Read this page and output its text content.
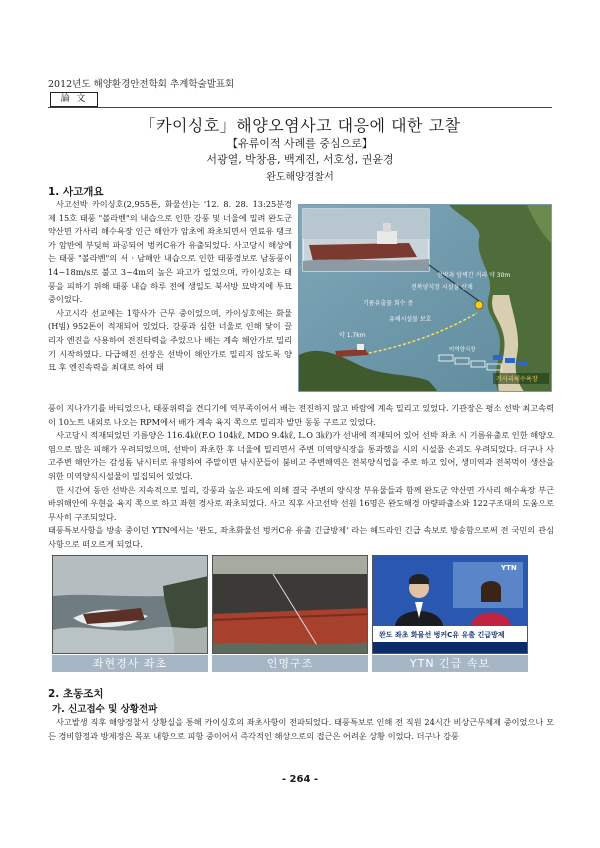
2012년도 해양환경안전학회 추계학술발표회
論 文
「카이싱호」해양오염사고 대응에 대한 고찰
【유류이적 사례를 중심으로】
서광열, 박창용, 백계진, 서호성, 권윤경
완도해양경찰서
1. 사고개요

사고선박 카이싱호(2,955톤, 화물선)는 '12. 8. 28. 13:25분경 제 15호 태풍 "볼라벤"의 내습으로 인한 강풍 및 너울에 밀려 완도군 약산면 가사리 해수욕장 인근 해안가 암초에 좌초되면서 연료유 탱크가 암반에 부딪혀 파공되어 벙커C유가 유출되었다. 사고당시 해상에는 태풍 "볼라벤"의 서 · 남해안 내습으로 인한 태풍경보로 남동풍이 14~18m/s로 불고 3~4m의 높은 파고가 일었으며, 카이싱호는 태풍을 피하기 위해 태풍 내습 하루 전에 생일도 북서방 묘박지에 투묘 중이었다.

사고시각 선교에는 1항사가 근무 중이었으며, 카이싱호에는 화물(H빔) 952톤이 적재되어 있었다. 강풍과 심한 너울로 인해 닻이 끌리자 엔진을 사용하여 전진타력을 주었으나 배는 계속 해안가로 밀리기 시작하였다. 다급해진 선장은 선박이 해안가로 밀리지 않도록 양묘 후 엔진속력을 최대로 하여 태

선박과 암벽간 거리 약 30m
전복양식장 시설물 산재
기름유출물 회수 중
유해시설물 보호
약 1.7km
미역양식장
가사리해수욕장

풍이 지나가기를 바티었으나, 태풍위력을 견디기에 역부족이어서 배는 전진하지 않고 바람에 계속 밀리고 있었다. 기관장은 평소 선박 최고속력이 10노트 내외로 나오는 RPM에서 배가 계속 육지 쪽으로 밀리자 발만 동동 구르고 있었다.

사고당시 적재되었던 기름양은 116.4㎘(F.O 104㎘, MDO 9.4㎘, L.O 3㎘)가 선내에 적재되어 있어 선박 좌초 시 기름유출로 인한 해양오염으로 많은 피해가 우려되었으며, 선박이 좌초한 후 너울에 밀리면서 주변 미역양식장을 통과했을 시의 시설물 손괴도 우려되었다. 더구나 사고주변 해안가는 감성돔 낚시터로 유명하여 주말이면 낚시꾼들이 붐비고 주변해역은 전복양식업을 주로 하고 있어, 생미역과 전복먹이 생산을 위한 미역양식시설물이 밀집되어 있었다.

한 시간여 동안 선박은 지속적으로 밀리, 강풍과 높은 파도에 의해 결국 주변의 양식장 부유물들과 함께 완도군 약산면 가사리 해수욕장 부근 바위해안에 우현을 육지 쪽으로 하고 좌현 경사로 좌초되었다. 사고 직후 사고선박 선원 16명은 완도해경 마량파출소와 122구조대의 도움으로 무사히 구조되었다.

태풍특보사항을 방송 중이던 YTN에서는 '완도, 좌초화물선 벙커C유 유출 긴급방제' 라는 헤드라인 긴급 속보로 방송함으로써 전 국민의 관심사항으로 떠오르게 되었다.

좌현경사 좌초	인명구조
YTN
완도 좌초 화물선 벙커C유 유출 긴급방제
YTN 긴급 속보
2. 초동조치
가. 신고접수 및 상황전파

사고발생 직후 해양경찰서 상황실을 통해 카이싱호의 좌초사항이 전파되었다. 태풍특보로 인해 전 직원 24시간 비상근무체제 중이었으나 모든 경비함정과 방제정은 목포 내항으로 피항 중이어서 즉각적인 해상으로의 접근은 어려운 상황 이었다. 더구나 강풍

- 264 -
